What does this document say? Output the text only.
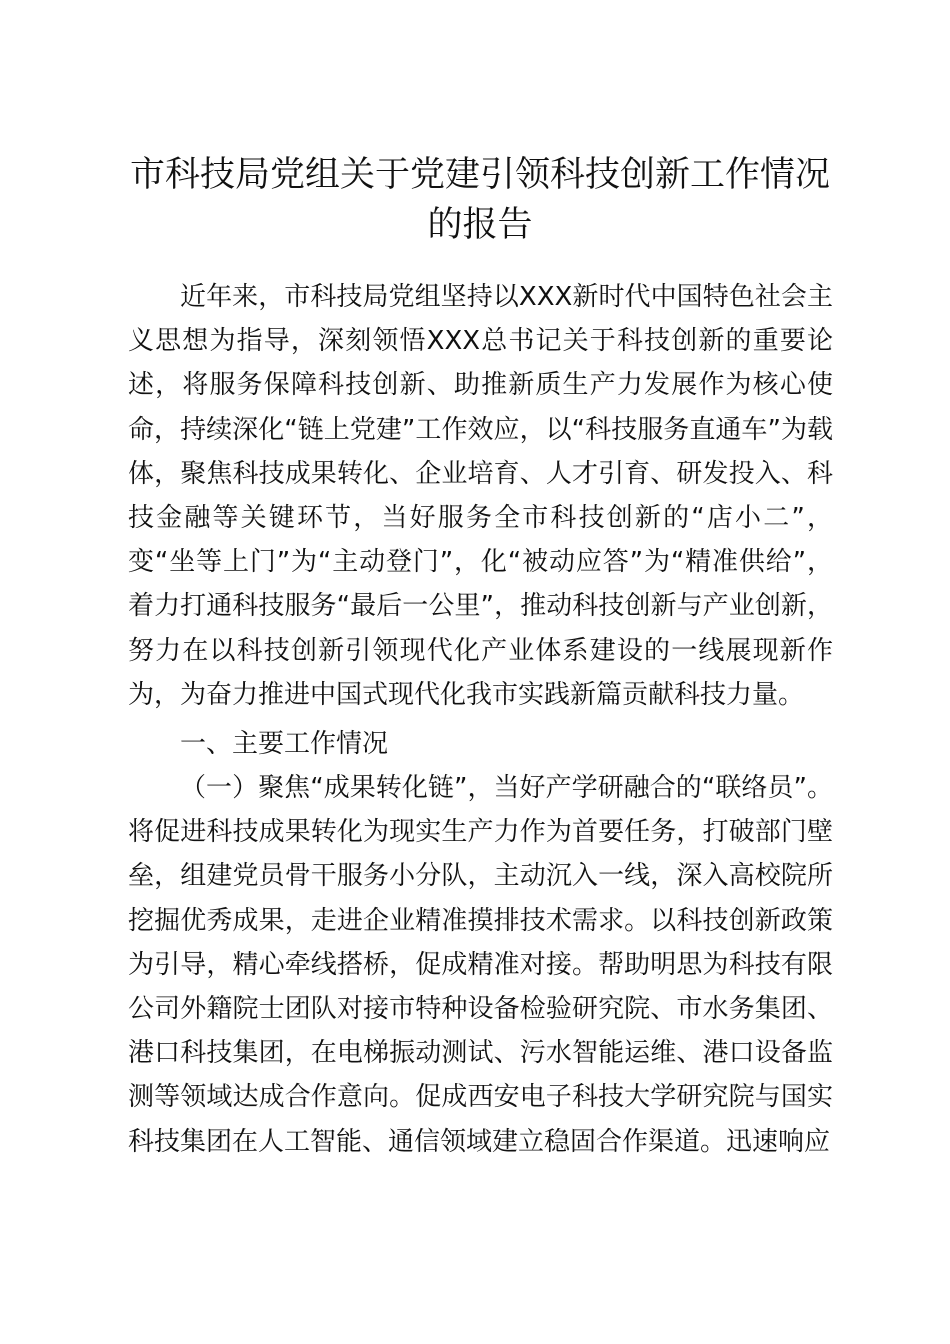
市科技局党组关于党建引领科技创新工作情况
的报告

近年来，市科技局党组坚持以XXX新时代中国特色社会主义思想为指导，深刻领悟XXX总书记关于科技创新的重要论述，将服务保障科技创新、助推新质生产力发展作为核心使命，持续深化“链上党建”工作效应，以“科技服务直通车”为载体，聚焦科技成果转化、企业培育、人才引育、研发投入、科技金融等关键环节，当好服务全市科技创新的“店小二”，变“坐等上门”为“主动登门”，化“被动应答”为“精准供给”，着力打通科技服务“最后一公里”，推动科技创新与产业创新，努力在以科技创新引领现代化产业体系建设的一线展现新作为，为奋力推进中国式现代化我市实践新篇贡献科技力量。

一、主要工作情况

（一）聚焦“成果转化链”，当好产学研融合的“联络员”。将促进科技成果转化为现实生产力作为首要任务，打破部门壁垒，组建党员骨干服务小分队，主动沉入一线，深入高校院所挖掘优秀成果，走进企业精准摸排技术需求。以科技创新政策为引导，精心牵线搭桥，促成精准对接。帮助明思为科技有限公司外籍院士团队对接市特种设备检验研究院、市水务集团、港口科技集团，在电梯振动测试、污水智能运维、港口设备监测等领域达成合作意向。促成西安电子科技大学研究院与国实科技集团在人工智能、通信领域建立稳固合作渠道。迅速响应
